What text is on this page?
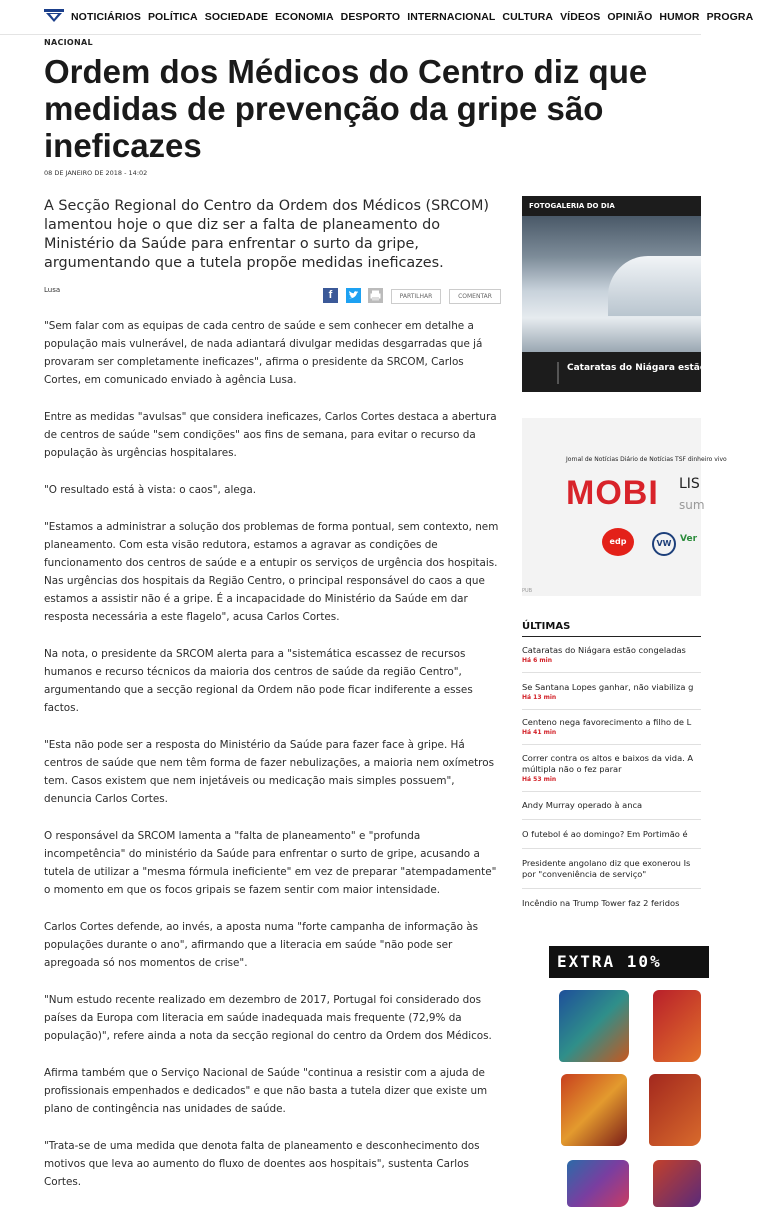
NOTICIÁRIOS POLÍTICA SOCIEDADE ECONOMIA DESPORTO INTERNACIONAL CULTURA VÍDEOS OPINIÃO HUMOR PROGRA
NACIONAL
Ordem dos Médicos do Centro diz que medidas de prevenção da gripe são ineficazes
08 DE JANEIRO DE 2018 - 14:02

A Secção Regional do Centro da Ordem dos Médicos (SRCOM) lamentou hoje o que diz ser a falta de planeamento do Ministério da Saúde para enfrentar o surto da gripe, argumentando que a tutela propõe medidas ineficazes.

Lusa	f	PARTILHAR	COMENTAR

"Sem falar com as equipas de cada centro de saúde e sem conhecer em detalhe a população mais vulnerável, de nada adiantará divulgar medidas desgarradas que já provaram ser completamente ineficazes", afirma o presidente da SRCOM, Carlos Cortes, em comunicado enviado à agência Lusa.

Entre as medidas "avulsas" que considera ineficazes, Carlos Cortes destaca a abertura de centros de saúde "sem condições" aos fins de semana, para evitar o recurso da população às urgências hospitalares.

"O resultado está à vista: o caos", alega.

"Estamos a administrar a solução dos problemas de forma pontual, sem contexto, nem planeamento. Com esta visão redutora, estamos a agravar as condições de funcionamento dos centros de saúde e a entupir os serviços de urgência dos hospitais. Nas urgências dos hospitais da Região Centro, o principal responsável do caos a que estamos a assistir não é a gripe. É a incapacidade do Ministério da Saúde em dar resposta necessária a este flagelo", acusa Carlos Cortes.

Na nota, o presidente da SRCOM alerta para a "sistemática escassez de recursos humanos e recurso técnicos da maioria dos centros de saúde da região Centro", argumentando que a secção regional da Ordem não pode ficar indiferente a esses factos.

"Esta não pode ser a resposta do Ministério da Saúde para fazer face à gripe. Há centros de saúde que nem têm forma de fazer nebulizações, a maioria nem oxímetros tem. Casos existem que nem injetáveis ou medicação mais simples possuem", denuncia Carlos Cortes.

O responsável da SRCOM lamenta a "falta de planeamento" e "profunda incompetência" do ministério da Saúde para enfrentar o surto de gripe, acusando a tutela de utilizar a "mesma fórmula ineficiente" em vez de preparar "atempadamente" o momento em que os focos gripais se fazem sentir com maior intensidade.

Carlos Cortes defende, ao invés, a aposta numa "forte campanha de informação às populações durante o ano", afirmando que a literacia em saúde "não pode ser apregoada só nos momentos de crise".

"Num estudo recente realizado em dezembro de 2017, Portugal foi considerado dos países da Europa com literacia em saúde inadequada mais frequente (72,9% da população)", refere ainda a nota da secção regional do centro da Ordem dos Médicos.

Afirma também que o Serviço Nacional de Saúde "continua a resistir com a ajuda de profissionais empenhados e dedicados" e que não basta a tutela dizer que existe um plano de contingência nas unidades de saúde.

"Trata-se de uma medida que denota falta de planeamento e desconhecimento dos motivos que leva ao aumento do fluxo de doentes aos hospitais", sustenta Carlos Cortes.

FOTOGALERIA DO DIA
Cataratas do Niágara estão
Jornal de Notícias Diário de Notícias TSF dinheiro vivo
MOBI LIS
sum
edp	VW Ver
PUB
ÚLTIMAS
Cataratas do Niágara estão congeladas
Há 6 min
Se Santana Lopes ganhar, não viabiliza g
Há 13 min
Centeno nega favorecimento a filho de L
Há 41 min
Correr contra os altos e baixos da vida. A múltipla não o fez parar
Há 53 min
Andy Murray operado à anca
O futebol é ao domingo? Em Portimão é
Presidente angolano diz que exonerou Is por "conveniência de serviço"
Incêndio na Trump Tower faz 2 feridos
EXTRA 10%
